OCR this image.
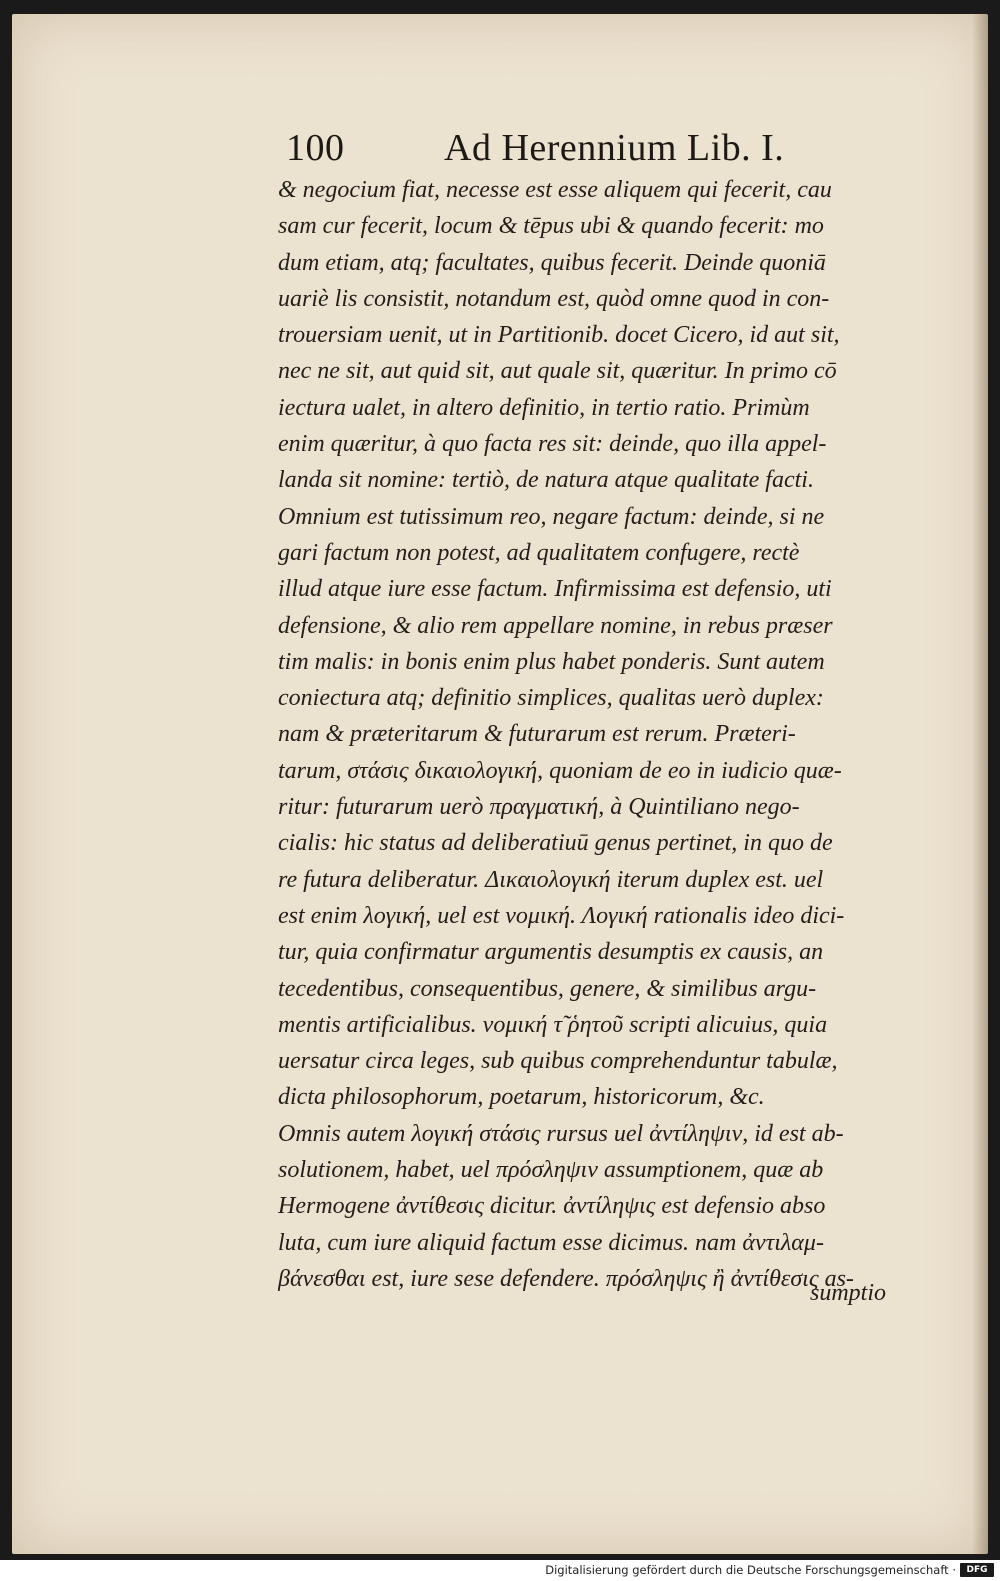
100	Ad Herennium Lib. I.
& negocium fiat, necesse est esse aliquem qui fecerit, cau
sam cur fecerit, locum & tēpus ubi & quando fecerit: mo
dum etiam, atq; facultates, quibus fecerit. Deinde quoniā
uariè lis consistit, notandum est, quòd omne quod in con-
trouersiam uenit, ut in Partitionib. docet Cicero, id aut sit,
nec ne sit, aut quid sit, aut quale sit, quæritur. In primo cō
iectura ualet, in altero definitio, in tertio ratio. Primùm
enim quæritur, à quo facta res sit: deinde, quo illa appel-
landa sit nomine: tertiò, de natura atque qualitate facti.
Omnium est tutissimum reo, negare factum: deinde, si ne
gari factum non potest, ad qualitatem confugere, rectè
illud atque iure esse factum. Infirmissima est defensio, uti
defensione, & alio rem appellare nomine, in rebus præser
tim malis: in bonis enim plus habet ponderis. Sunt autem
coniectura atq; definitio simplices, qualitas uerò duplex:
nam & præteritarum & futurarum est rerum. Præteri-
tarum, στάσις δικαιολογική, quoniam de eo in iudicio quæ-
ritur: futurarum uerò πραγματική, à Quintiliano nego-
cialis: hic status ad deliberatiuū genus pertinet, in quo de
re futura deliberatur. Δικαιολογική iterum duplex est. uel
est enim λογική, uel est νομική. Λογική rationalis ideo dici-
tur, quia confirmatur argumentis desumptis ex causis, an
tecedentibus, consequentibus, genere, & similibus argu-
mentis artificialibus. νομική τ̃ ῥητοῦ scripti alicuius, quia
uersatur circa leges, sub quibus comprehenduntur tabulæ,
dicta philosophorum, poetarum, historicorum, &c.
Omnis autem λογική στάσις rursus uel ἀντίληψιν, id est ab-
solutionem, habet, uel πρόσληψιν assumptionem, quæ ab
Hermogene ἀντίθεσις dicitur. ἀντίληψις est defensio abso
luta, cum iure aliquid factum esse dicimus. nam ἀντιλαμ-
βάνεσθαι est, iure sese defendere. πρόσληψις ἢ ἀντίθεσις as-
sumptio
Digitalisierung gefördert durch die Deutsche Forschungsgemeinschaft ·	DFG
